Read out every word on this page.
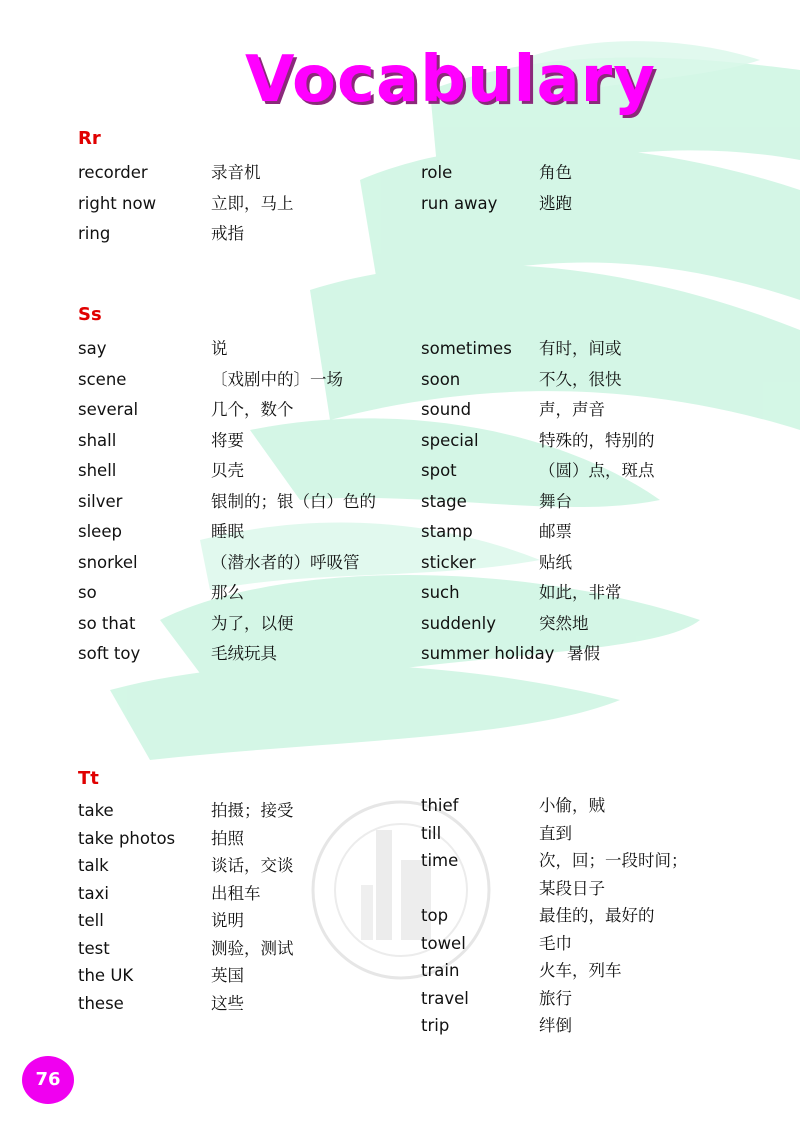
Vocabulary
Rr
recorder	录音机
right now	立即，马上
ring	戒指
role	角色
run away	逃跑
Ss
say	说
scene	〔戏剧中的〕一场
several	几个，数个
shall	将要
shell	贝壳
silver	银制的；银（白）色的
sleep	睡眠
snorkel	（潜水者的）呼吸管
so	那么
so that	为了，以便
soft toy	毛绒玩具
sometimes 有时，间或
soon	不久，很快
sound	声，声音
special	特殊的，特别的
spot	（圆）点，斑点
stage	舞台
stamp	邮票
sticker	贴纸
such	如此，非常
suddenly	突然地
summer holiday 暑假
Tt
take	拍摄；接受
take photos 拍照
talk	谈话，交谈
taxi	出租车
tell	说明
test	测验，测试
the UK	英国
these	这些
thief	小偷，贼
till	直到
time	次，回；一段时间；
某段日子
top	最佳的，最好的
towel	毛巾
train	火车，列车
travel	旅行
trip	绊倒
76
